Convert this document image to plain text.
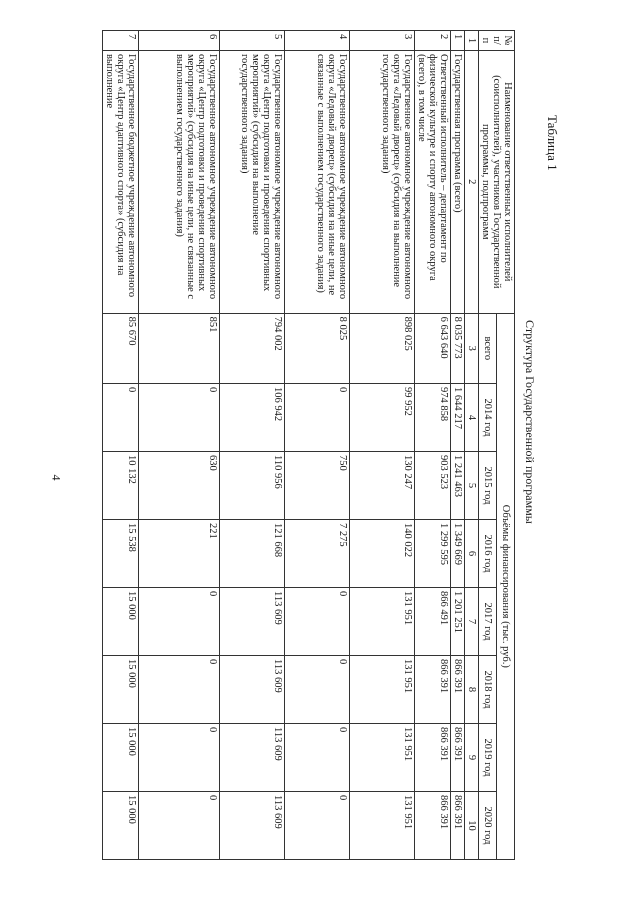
4
Таблица 1
Структура Государственной программы
№ п/п	Наименование ответственных исполнителей (соисполнителей), участников Государственной программы, подпрограмм	Объёмы финансирования (тыс. руб.)							
		всего	2014 год	2015 год	2016 год	2017 год	2018 год	2019 год	2020 год
1	2	3	4	5	6	7	8	9	10
1	Государственная программа (всего)	8 035 773	1 644 217	1 241 463	1 349 669	1 201 251	866 391	866 391	866 391
2	Ответственный исполнитель – департамент по физической культуре и спорту автономного округа (всего), в том числе	6 643 640	974 858	903 523	1 299 595	866 491	866 391	866 391	866 391
3	Государственное автономное учреждение автономного округа «Ледовый дворец» (субсидия на выполнение государственного задания)	898 025	99 952	130 247	140 022	131 951	131 951	131 951	131 951
4	Государственное автономное учреждение автономного округа «Ледовый дворец» (субсидия на иные цели, не связанные с выполнением государственного задания)	8 025	0	750	7 275	0	0	0	0
5	Государственное автономное учреждение автономного округа «Центр подготовки и проведения спортивных мероприятий» (субсидия на выполнение государственного задания)	794 002	106 942	110 956	121 668	113 609	113 609	113 609	113 609
6	Государственное автономное учреждение автономного округа «Центр подготовки и проведения спортивных мероприятий» (субсидия на иные цели, не связанные с выполнением государственного задания)	851	0	630	221	0	0	0	0
7	Государственное бюджетное учреждение автономного округа «Центр адаптивного спорта» (субсидия на выполнение	85 670	0	10 132	15 538	15 000	15 000	15 000	15 000
